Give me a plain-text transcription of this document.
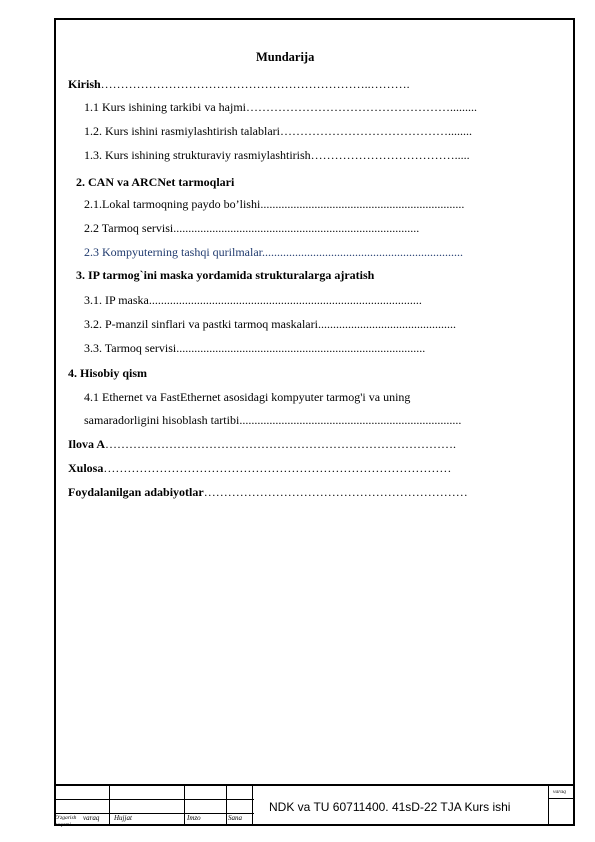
Mundarija
Kirish…………………………………………………………..……….
1.1 Kurs ishining tarkibi va hajmi…………………………………………….........
1.2. Kurs ishini rasmiylashtirish talablari……………………………………........
1.3. Kurs ishining strukturaviy rasmiylashtirish……………………………….....
2. CAN va ARCNet tarmoqlari
2.1.Lokal tarmoqning paydo bo’lishi....................................................................
2.2 Tarmoq servisi..................................................................................
2.3 Kompyuterning tashqi qurilmalar...................................................................
3. IP tarmog`ini maska yordamida strukturalarga ajratish
3.1. IP maska...........................................................................................
3.2. P-manzil sinflari va pastki tarmoq maskalari..............................................
3.3. Tarmoq servisi...................................................................................
4. Hisobiy qism
4.1 Ethernet va FastEthernet asosidagi kompyuter tarmog'i va uning
samaradorligini hisoblash tartibi..........................................................................
Ilova A…………………………………………………………………………….
Xulosa……………………………………………………………………………
Foydalanilgan adabiyotlar…………………………………………………………
O'zgarish
raqami
varaq Hujjat	Imzo	Sana
NDK va TU 60711400. 41sD-22 TJA Kurs ishi
varaq
